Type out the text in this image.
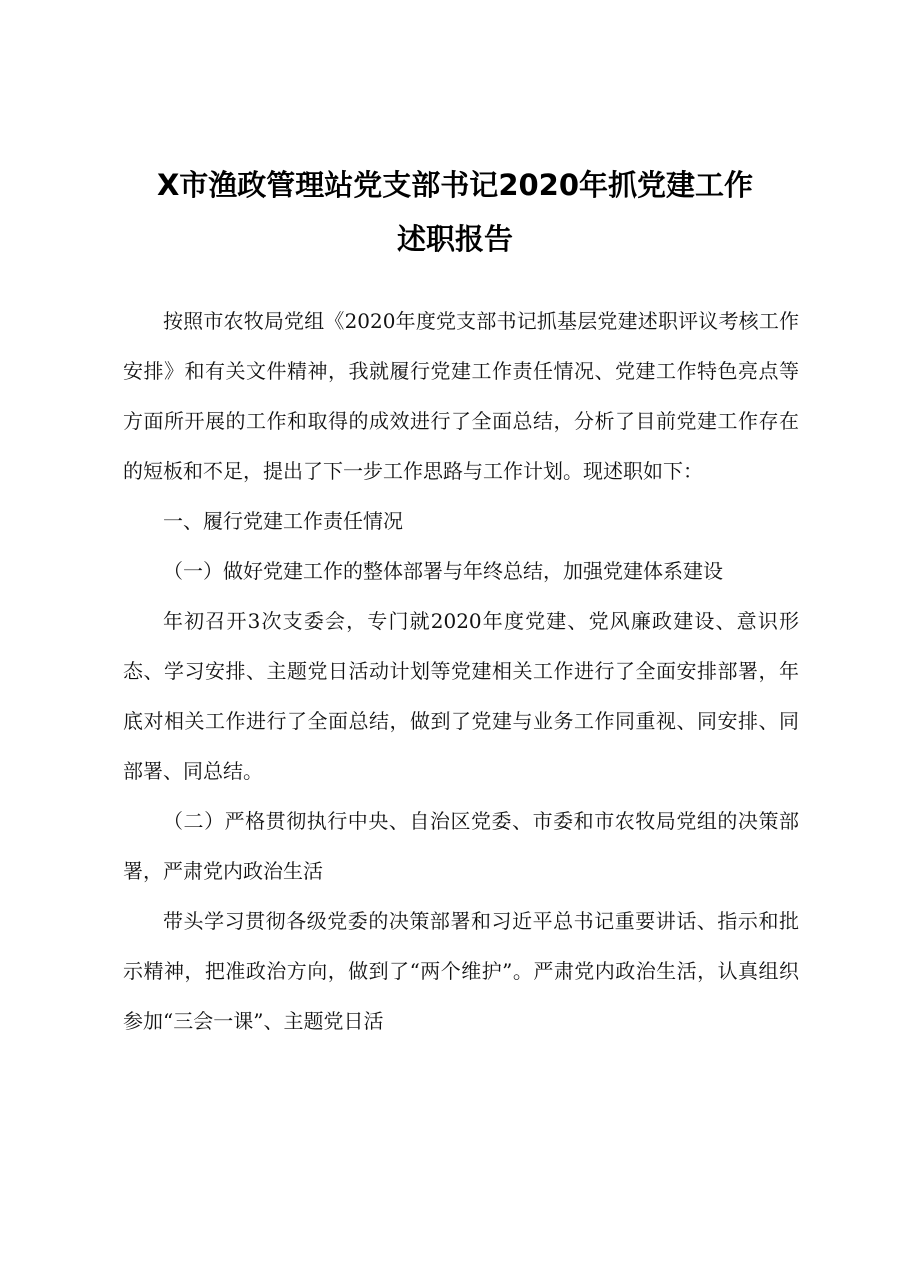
X市渔政管理站党支部书记2020年抓党建工作
述职报告

按照市农牧局党组《2020年度党支部书记抓基层党建述职评议考核工作安排》和有关文件精神，我就履行党建工作责任情况、党建工作特色亮点等方面所开展的工作和取得的成效进行了全面总结，分析了目前党建工作存在的短板和不足，提出了下一步工作思路与工作计划。现述职如下：

一、履行党建工作责任情况

（一）做好党建工作的整体部署与年终总结，加强党建体系建设

年初召开3次支委会，专门就2020年度党建、党风廉政建设、意识形态、学习安排、主题党日活动计划等党建相关工作进行了全面安排部署，年底对相关工作进行了全面总结，做到了党建与业务工作同重视、同安排、同部署、同总结。

（二）严格贯彻执行中央、自治区党委、市委和市农牧局党组的决策部署，严肃党内政治生活

带头学习贯彻各级党委的决策部署和习近平总书记重要讲话、指示和批示精神，把准政治方向，做到了“两个维护”。严肃党内政治生活，认真组织参加“三会一课”、主题党日活
